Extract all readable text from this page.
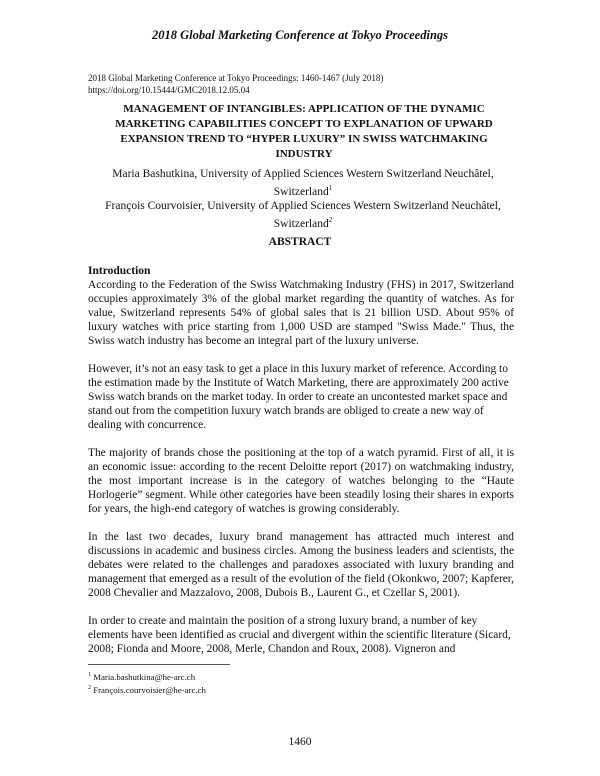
2018 Global Marketing Conference at Tokyo Proceedings
2018 Global Marketing Conference at Tokyo Proceedings: 1460-1467 (July 2018)
https://doi.org/10.15444/GMC2018.12.05.04
MANAGEMENT OF INTANGIBLES: APPLICATION OF THE DYNAMIC MARKETING CAPABILITIES CONCEPT TO EXPLANATION OF UPWARD EXPANSION TREND TO “HYPER LUXURY” IN SWISS WATCHMAKING INDUSTRY
Maria Bashutkina, University of Applied Sciences Western Switzerland Neuchâtel,
Switzerland$^1$
François Courvoisier, University of Applied Sciences Western Switzerland Neuchâtel,
Switzerland$^2$
ABSTRACT

Introduction

According to the Federation of the Swiss Watchmaking Industry (FHS) in 2017, Switzerland occupies approximately 3% of the global market regarding the quantity of watches. As for value, Switzerland represents 54% of global sales that is 21 billion USD. About 95% of luxury watches with price starting from 1,000 USD are stamped "Swiss Made." Thus, the Swiss watch industry has become an integral part of the luxury universe.

However, it’s not an easy task to get a place in this luxury market of reference. According to the estimation made by the Institute of Watch Marketing, there are approximately 200 active Swiss watch brands on the market today. In order to create an uncontested market space and stand out from the competition luxury watch brands are obliged to create a new way of dealing with concurrence.

The majority of brands chose the positioning at the top of a watch pyramid. First of all, it is an economic issue: according to the recent Deloitte report (2017) on watchmaking industry, the most important increase is in the category of watches belonging to the “Haute Horlogerie” segment. While other categories have been steadily losing their shares in exports for years, the high-end category of watches is growing considerably.

In the last two decades, luxury brand management has attracted much interest and discussions in academic and business circles. Among the business leaders and scientists, the debates were related to the challenges and paradoxes associated with luxury branding and management that emerged as a result of the evolution of the field (Okonkwo, 2007; Kapferer, 2008 Chevalier and Mazzalovo, 2008, Dubois B., Laurent G., et Czellar S, 2001).

In order to create and maintain the position of a strong luxury brand, a number of key elements have been identified as crucial and divergent within the scientific literature (Sicard, 2008; Fionda and Moore, 2008, Merle, Chandon and Roux, 2008). Vigneron and

$^1$ Maria.bashutkina@he-arc.ch
$^2$ François.courvoisier@he-arc.ch
1460
